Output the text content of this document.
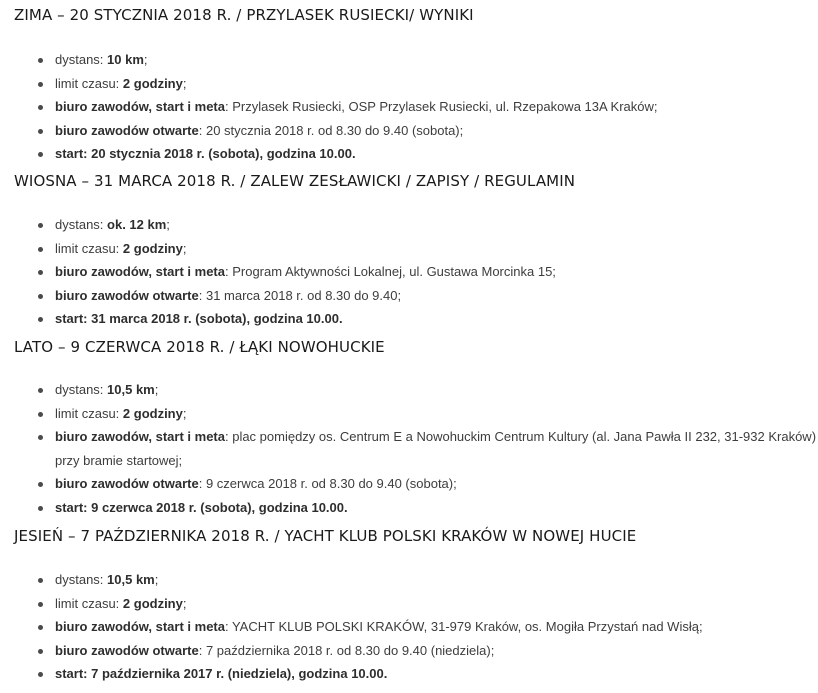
ZIMA – 20 STYCZNIA 2018 R. / PRZYLASEK RUSIECKI/ WYNIKI
dystans: 10 km;
limit czasu: 2 godziny;
biuro zawodów, start i meta: Przylasek Rusiecki, OSP Przylasek Rusiecki, ul. Rzepakowa 13A Kraków;
biuro zawodów otwarte: 20 stycznia 2018 r. od 8.30 do 9.40 (sobota);
start: 20 stycznia 2018 r. (sobota), godzina 10.00.
WIOSNA – 31 MARCA 2018 R. / ZALEW ZESŁAWICKI / ZAPISY / REGULAMIN
dystans: ok. 12 km;
limit czasu: 2 godziny;
biuro zawodów, start i meta: Program Aktywności Lokalnej, ul. Gustawa Morcinka 15;
biuro zawodów otwarte: 31 marca 2018 r. od 8.30 do 9.40;
start: 31 marca 2018 r. (sobota), godzina 10.00.
LATO – 9 CZERWCA 2018 R. / ŁĄKI NOWOHUCKIE
dystans: 10,5 km;
limit czasu: 2 godziny;
biuro zawodów, start i meta: plac pomiędzy os. Centrum E a Nowohuckim Centrum Kultury (al. Jana Pawła II 232, 31-932 Kraków)
przy bramie startowej;
biuro zawodów otwarte: 9 czerwca 2018 r. od 8.30 do 9.40 (sobota);
start: 9 czerwca 2018 r. (sobota), godzina 10.00.
JESIEŃ – 7 PAŹDZIERNIKA 2018 R. / YACHT KLUB POLSKI KRAKÓW W NOWEJ HUCIE
dystans: 10,5 km;
limit czasu: 2 godziny;
biuro zawodów, start i meta: YACHT KLUB POLSKI KRAKÓW, 31-979 Kraków, os. Mogiła Przystań nad Wisłą;
biuro zawodów otwarte: 7 października 2018 r. od 8.30 do 9.40 (niedziela);
start: 7 października 2017 r. (niedziela), godzina 10.00.
